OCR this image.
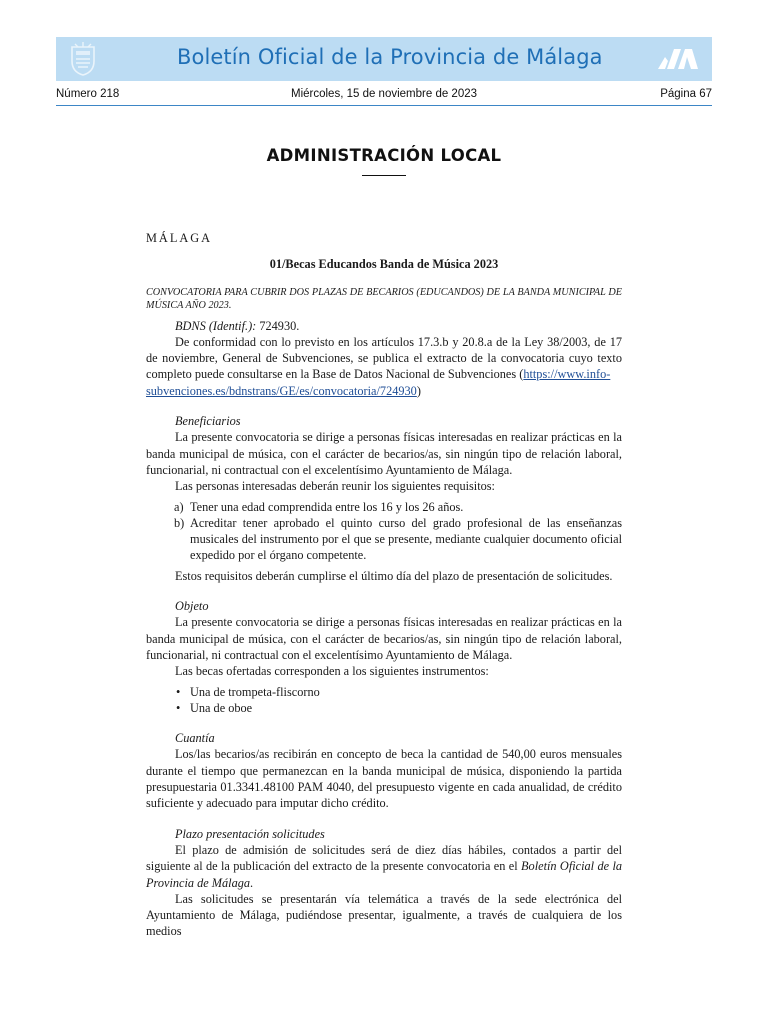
Boletín Oficial de la Provincia de Málaga
Número 218	Miércoles, 15 de noviembre de 2023	Página 67
ADMINISTRACIÓN LOCAL
MÁLAGA
01/Becas Educandos Banda de Música 2023
CONVOCATORIA PARA CUBRIR DOS PLAZAS DE BECARIOS (EDUCANDOS) DE LA BANDA MUNICIPAL DE MÚSICA AÑO 2023.

BDNS (Identif.): 724930.

De conformidad con lo previsto en los artículos 17.3.b y 20.8.a de la Ley 38/2003, de 17 de noviembre, General de Subvenciones, se publica el extracto de la convocatoria cuyo texto completo puede consultarse en la Base de Datos Nacional de Subvenciones (https://www.info-
subvenciones.es/bdnstrans/GE/es/convocatoria/724930)

Beneficiarios

La presente convocatoria se dirige a personas físicas interesadas en realizar prácticas en la banda municipal de música, con el carácter de becarios/as, sin ningún tipo de relación laboral, funcionarial, ni contractual con el excelentísimo Ayuntamiento de Málaga.

Las personas interesadas deberán reunir los siguientes requisitos:

a) Tener una edad comprendida entre los 16 y los 26 años.
b) Acreditar tener aprobado el quinto curso del grado profesional de las enseñanzas musicales del instrumento por el que se presente, mediante cualquier documento oficial expedido por el órgano competente.

Estos requisitos deberán cumplirse el último día del plazo de presentación de solicitudes.

Objeto

La presente convocatoria se dirige a personas físicas interesadas en realizar prácticas en la banda municipal de música, con el carácter de becarios/as, sin ningún tipo de relación laboral, funcionarial, ni contractual con el excelentísimo Ayuntamiento de Málaga.

Las becas ofertadas corresponden a los siguientes instrumentos:

• Una de trompeta-fliscorno
• Una de oboe

Cuantía

Los/las becarios/as recibirán en concepto de beca la cantidad de 540,00 euros mensuales durante el tiempo que permanezcan en la banda municipal de música, disponiendo la partida presupuestaria 01.3341.48100 PAM 4040, del presupuesto vigente en cada anualidad, de crédito suficiente y adecuado para imputar dicho crédito.

Plazo presentación solicitudes

El plazo de admisión de solicitudes será de diez días hábiles, contados a partir del siguiente al de la publicación del extracto de la presente convocatoria en el Boletín Oficial de la Provincia de Málaga.

Las solicitudes se presentarán vía telemática a través de la sede electrónica del Ayuntamiento de Málaga, pudiéndose presentar, igualmente, a través de cualquiera de los medios
